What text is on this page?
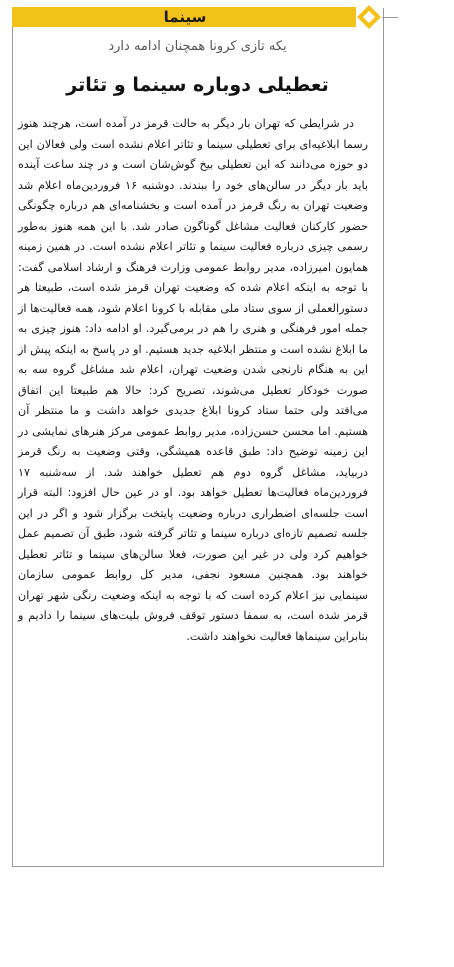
سینما
یکه تازی کرونا همچنان ادامه دارد
تعطیلی دوباره سینما و تئاتر

در شرایطی که تهران بار دیگر به حالت قرمز در آمده است، هرچند هنوز رسما ابلاغیه‌ای برای تعطیلی سینما و تئاتر اعلام نشده است ولی فعالان این دو حوزه می‌دانند که این تعطیلی بیخ گوش‌شان است و در چند ساعت آینده باید بار دیگر در سالن‌های خود را ببندند. دوشنبه ۱۶ فروردین‌ماه اعلام شد وضعیت تهران به رنگ قرمز در آمده است و بخشنامه‌ای هم درباره چگونگی حضور کارکنان فعالیت مشاغل گوناگون صادر شد. با این همه هنوز به‌طور رسمی چیزی درباره فعالیت سینما و تئاتر اعلام نشده است. در همین زمینه همایون امیرزاده، مدیر روابط عمومی وزارت فرهنگ و ارشاد اسلامی گفت: با توجه به اینکه اعلام شده که وضعیت تهران قرمز شده است، طبیعتا هر دستورالعملی از سوی ستاد ملی مقابله با کرونا اعلام شود، همه فعالیت‌ها از جمله امور فرهنگی و هنری را هم در برمی‌گیرد. او ادامه داد: هنوز چیزی به ما ابلاغ نشده است و منتظر ابلاغیه جدید هستیم. او در پاسخ به اینکه پیش از این به هنگام نارنجی شدن وضعیت تهران، اعلام شد مشاغل گروه سه به صورت خودکار تعطیل می‌شوند، تصریح کرد: حالا هم طبیعتا این اتفاق می‌افتد ولی حتما ستاد کرونا ابلاغ جدیدی خواهد داشت و ما منتظر آن هستیم. اما محسن حسن‌زاده، مدیر روابط عمومی مرکز هنرهای نمایشی در این زمینه توضیح داد: طبق قاعده همیشگی، وقتی وضعیت به رنگ قرمز دربیاید، مشاغل گروه دوم هم تعطیل خواهند شد. از سه‌شنبه ۱۷ فروردین‌ماه فعالیت‌ها تعطیل خواهد بود. او در عین حال افزود: البته قرار است جلسه‌ای اضطراری درباره وضعیت پایتخت برگزار شود و اگر در این جلسه تصمیم تازه‌ای درباره سینما و تئاتر گرفته شود، طبق آن تصمیم عمل خواهیم کرد ولی در غیر این صورت، فعلا سالن‌های سینما و تئاتر تعطیل خواهند بود. همچنین مسعود نجفی، مدیر کل روابط عمومی سازمان سینمایی نیز اعلام کرده است که با توجه به اینکه وضعیت رنگی شهر تهران قرمز شده است، به سمفا دستور توقف فروش بلیت‌های سینما را دادیم و بنابراین سینماها فعالیت نخواهند داشت.
